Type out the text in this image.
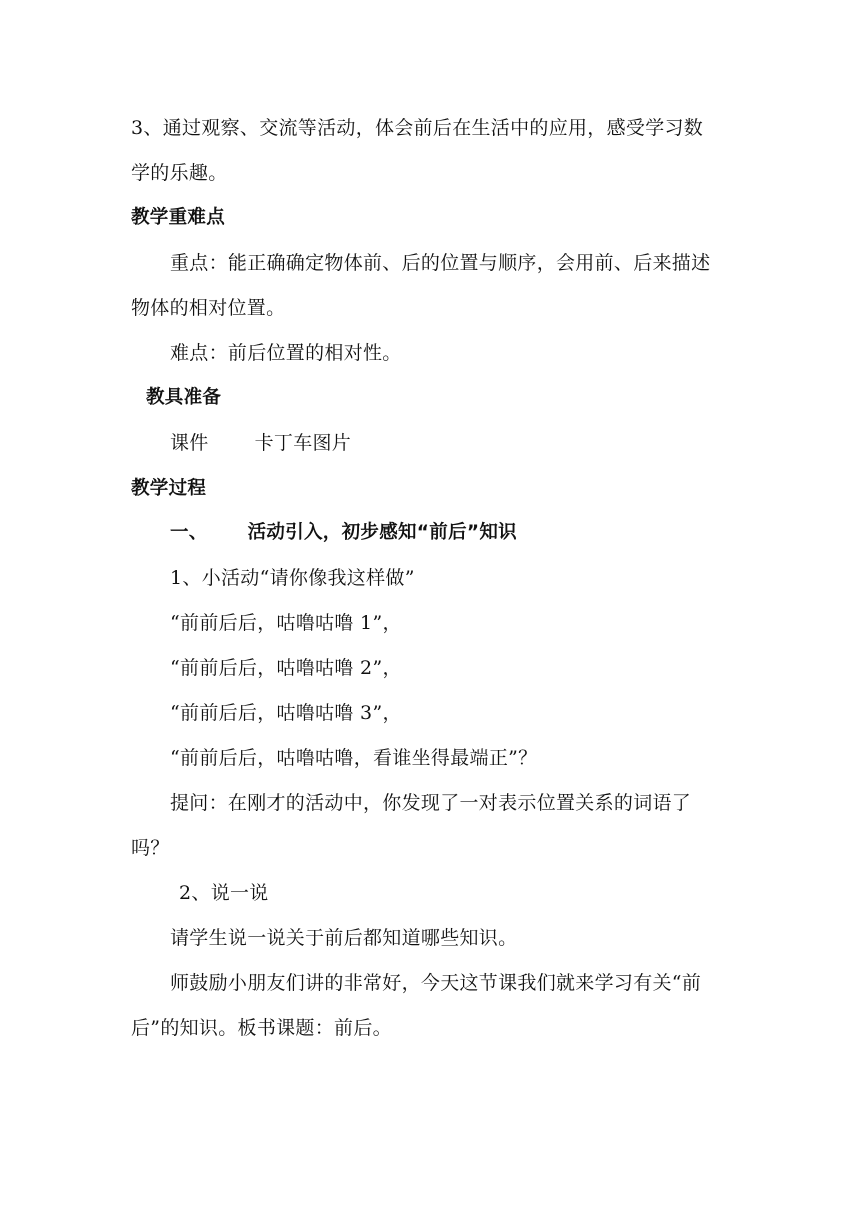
3、通过观察、交流等活动，体会前后在生活中的应用，感受学习数
学的乐趣。
教学重难点
重点：能正确确定物体前、后的位置与顺序，会用前、后来描述
物体的相对位置。
难点：前后位置的相对性。
教具准备
课件 卡丁车图片
教学过程
一、 活动引入，初步感知“前后”知识
1、小活动“请你像我这样做”
“前前后后，咕噜咕噜 1”，
“前前后后，咕噜咕噜 2”，
“前前后后，咕噜咕噜 3”，
“前前后后，咕噜咕噜，看谁坐得最端正”？
提问：在刚才的活动中，你发现了一对表示位置关系的词语了
吗？
2、说一说
请学生说一说关于前后都知道哪些知识。
师鼓励小朋友们讲的非常好，今天这节课我们就来学习有关“前
后”的知识。板书课题：前后。
